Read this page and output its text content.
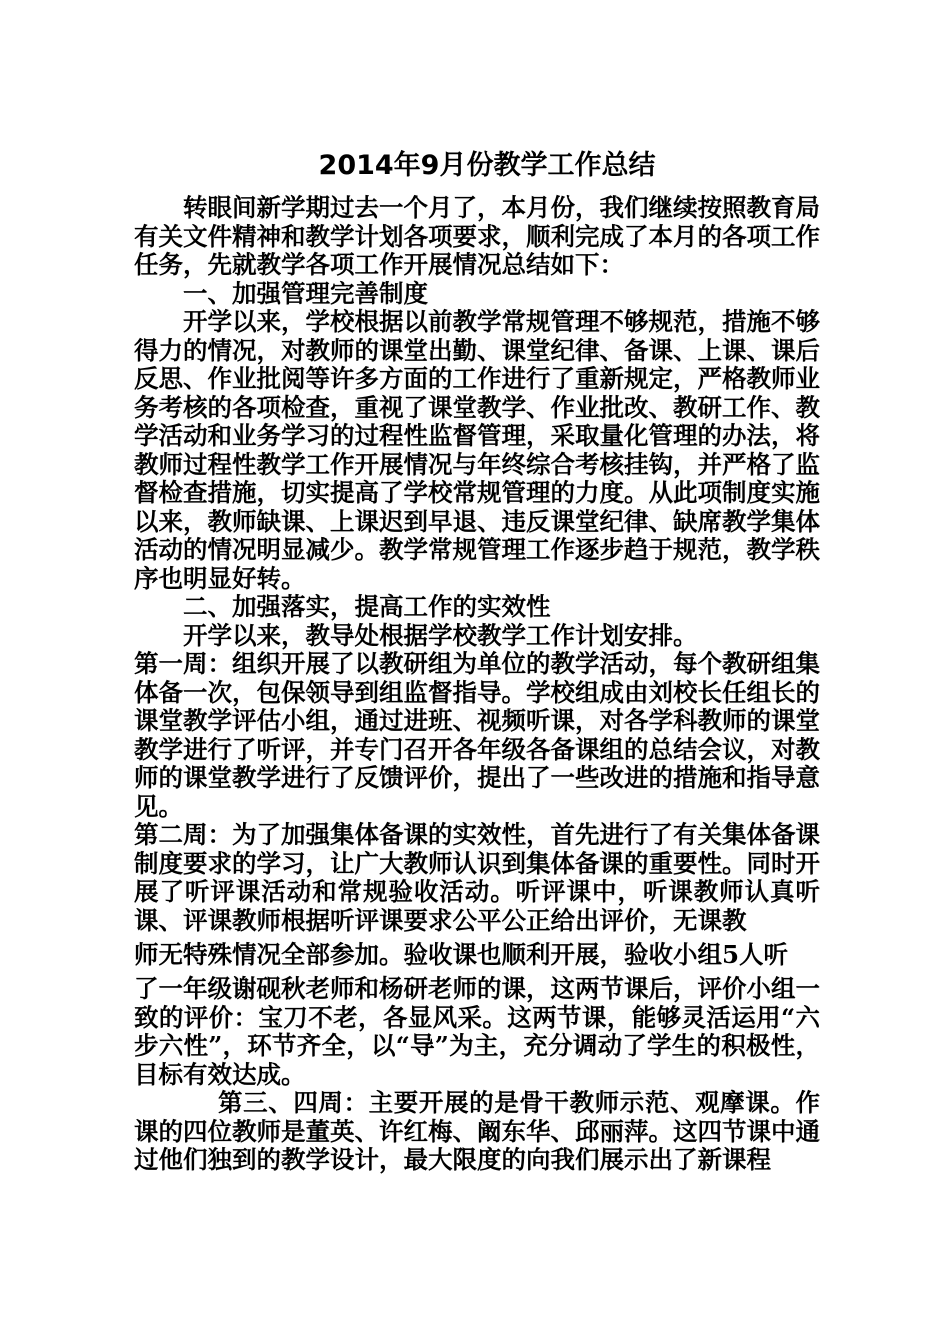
2014年9月份教学工作总结

转眼间新学期过去一个月了，本月份，我们继续按照教育局有关文件精神和教学计划各项要求，顺利完成了本月的各项工作任务，先就教学各项工作开展情况总结如下：

一、加强管理完善制度

开学以来，学校根据以前教学常规管理不够规范，措施不够得力的情况，对教师的课堂出勤、课堂纪律、备课、上课、课后反思、作业批阅等许多方面的工作进行了重新规定，严格教师业务考核的各项检查，重视了课堂教学、作业批改、教研工作、教学活动和业务学习的过程性监督管理，采取量化管理的办法，将教师过程性教学工作开展情况与年终综合考核挂钩，并严格了监督检查措施，切实提高了学校常规管理的力度。从此项制度实施以来，教师缺课、上课迟到早退、违反课堂纪律、缺席教学集体活动的情况明显减少。教学常规管理工作逐步趋于规范，教学秩序也明显好转。

二、加强落实，提高工作的实效性

开学以来，教导处根据学校教学工作计划安排。

第一周：组织开展了以教研组为单位的教学活动，每个教研组集体备一次，包保领导到组监督指导。学校组成由刘校长任组长的课堂教学评估小组，通过进班、视频听课，对各学科教师的课堂教学进行了听评，并专门召开各年级各备课组的总结会议，对教师的课堂教学进行了反馈评价，提出了一些改进的措施和指导意见。

第二周：为了加强集体备课的实效性，首先进行了有关集体备课制度要求的学习，让广大教师认识到集体备课的重要性。同时开展了听评课活动和常规验收活动。听评课中，听课教师认真听课、评课教师根据听评课要求公平公正给出评价，无课教

师无特殊情况全部参加。验收课也顺利开展，验收小组5人听

了一年级谢砚秋老师和杨研老师的课，这两节课后，评价小组一致的评价：宝刀不老，各显风采。这两节课，能够灵活运用“六步六性”，环节齐全，以“导”为主，充分调动了学生的积极性，目标有效达成。

第三、四周：主要开展的是骨干教师示范、观摩课。作课的四位教师是董英、许红梅、阚东华、邱丽萍。这四节课中通过他们独到的教学设计，最大限度的向我们展示出了新课程
